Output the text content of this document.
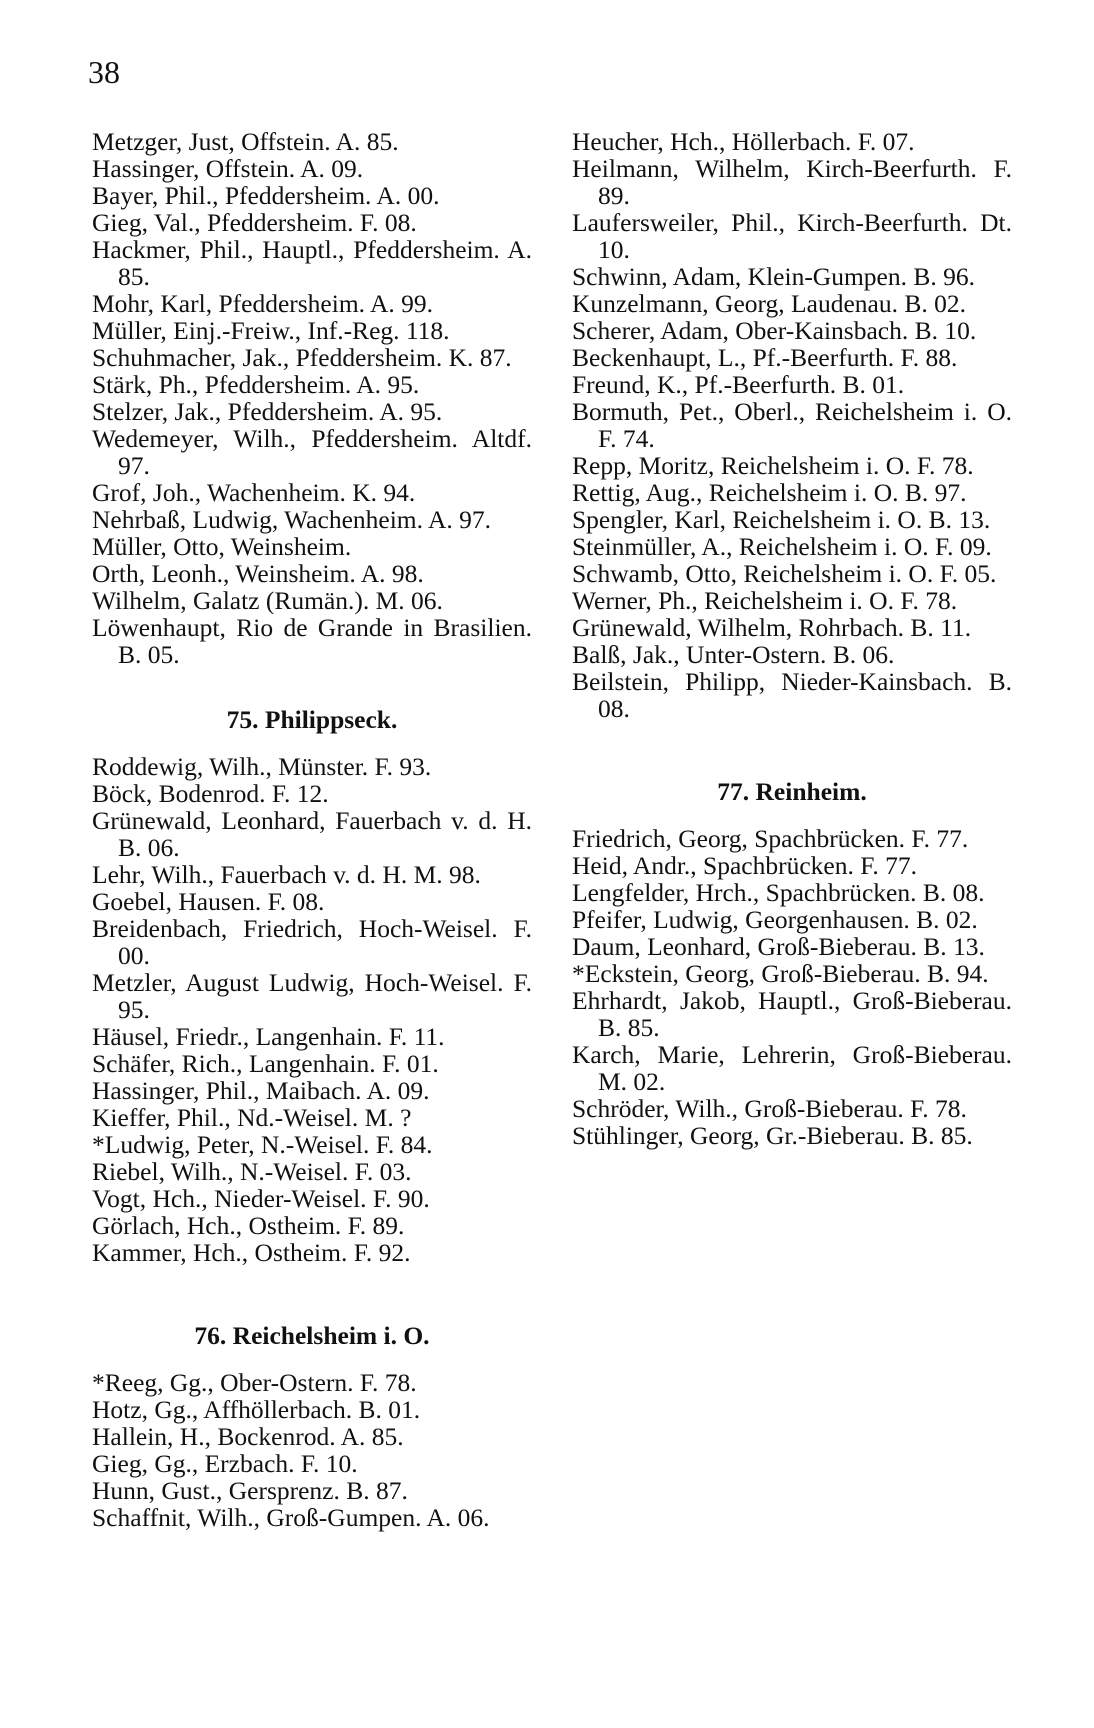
38

Metzger, Just, Offstein. A. 85.

Hassinger, Offstein. A. 09.

Bayer, Phil., Pfeddersheim. A. 00.

Gieg, Val., Pfeddersheim. F. 08.

Hackmer, Phil., Hauptl., Pfeddersheim. A. 85.

Mohr, Karl, Pfeddersheim. A. 99.

Müller, Einj.-Freiw., Inf.-Reg. 118.

Schuhmacher, Jak., Pfeddersheim. K. 87.

Stärk, Ph., Pfeddersheim. A. 95.

Stelzer, Jak., Pfeddersheim. A. 95.

Wedemeyer, Wilh., Pfeddersheim. Altdf. 97.

Grof, Joh., Wachenheim. K. 94.

Nehrbaß, Ludwig, Wachenheim. A. 97.

Müller, Otto, Weinsheim.

Orth, Leonh., Weinsheim. A. 98.

Wilhelm, Galatz (Rumän.). M. 06.

Löwenhaupt, Rio de Grande in Brasilien. B. 05.

75. Philippseck.

Roddewig, Wilh., Münster. F. 93.

Böck, Bodenrod. F. 12.

Grünewald, Leonhard, Fauerbach v. d. H. B. 06.

Lehr, Wilh., Fauerbach v. d. H. M. 98.

Goebel, Hausen. F. 08.

Breidenbach, Friedrich, Hoch-Weisel. F. 00.

Metzler, August Ludwig, Hoch-Weisel. F. 95.

Häusel, Friedr., Langenhain. F. 11.

Schäfer, Rich., Langenhain. F. 01.

Hassinger, Phil., Maibach. A. 09.

Kieffer, Phil., Nd.-Weisel. M. ?

*Ludwig, Peter, N.-Weisel. F. 84.

Riebel, Wilh., N.-Weisel. F. 03.

Vogt, Hch., Nieder-Weisel. F. 90.

Görlach, Hch., Ostheim. F. 89.

Kammer, Hch., Ostheim. F. 92.

76. Reichelsheim i. O.

*Reeg, Gg., Ober-Ostern. F. 78.

Hotz, Gg., Affhöllerbach. B. 01.

Hallein, H., Bockenrod. A. 85.

Gieg, Gg., Erzbach. F. 10.

Hunn, Gust., Gersprenz. B. 87.

Schaffnit, Wilh., Groß-Gumpen. A. 06.

Heucher, Hch., Höllerbach. F. 07.

Heilmann, Wilhelm, Kirch-Beerfurth. F. 89.

Laufersweiler, Phil., Kirch-Beerfurth. Dt. 10.

Schwinn, Adam, Klein-Gumpen. B. 96.

Kunzelmann, Georg, Laudenau. B. 02.

Scherer, Adam, Ober-Kainsbach. B. 10.

Beckenhaupt, L., Pf.-Beerfurth. F. 88.

Freund, K., Pf.-Beerfurth. B. 01.

Bormuth, Pet., Oberl., Reichelsheim i. O. F. 74.

Repp, Moritz, Reichelsheim i. O. F. 78.

Rettig, Aug., Reichelsheim i. O. B. 97.

Spengler, Karl, Reichelsheim i. O. B. 13.

Steinmüller, A., Reichelsheim i. O. F. 09.

Schwamb, Otto, Reichelsheim i. O. F. 05.

Werner, Ph., Reichelsheim i. O. F. 78.

Grünewald, Wilhelm, Rohrbach. B. 11.

Balß, Jak., Unter-Ostern. B. 06.

Beilstein, Philipp, Nieder-Kainsbach. B. 08.

77. Reinheim.

Friedrich, Georg, Spachbrücken. F. 77.

Heid, Andr., Spachbrücken. F. 77.

Lengfelder, Hrch., Spachbrücken. B. 08.

Pfeifer, Ludwig, Georgenhausen. B. 02.

Daum, Leonhard, Groß-Bieberau. B. 13.

*Eckstein, Georg, Groß-Bieberau. B. 94.

Ehrhardt, Jakob, Hauptl., Groß-Bieberau. B. 85.

Karch, Marie, Lehrerin, Groß-Bieberau. M. 02.

Schröder, Wilh., Groß-Bieberau. F. 78.

Stühlinger, Georg, Gr.-Bieberau. B. 85.
